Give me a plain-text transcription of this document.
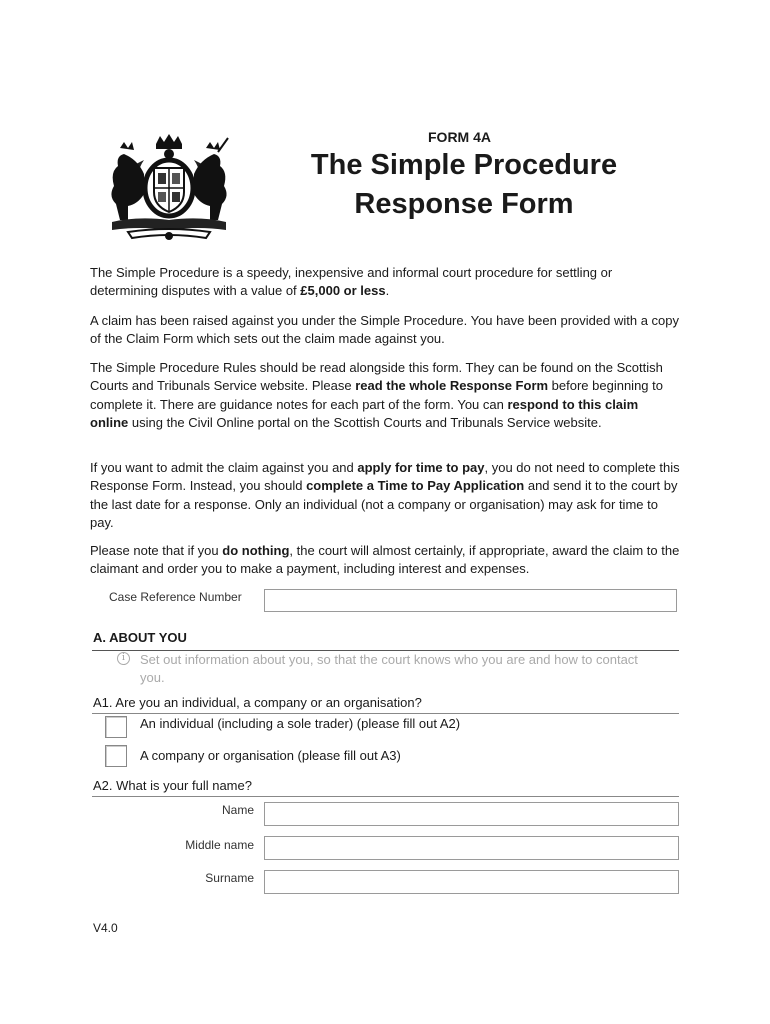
FORM 4A
The Simple Procedure
Response Form

The Simple Procedure is a speedy, inexpensive and informal court procedure for settling or determining disputes with a value of £5,000 or less.

A claim has been raised against you under the Simple Procedure. You have been provided with a copy of the Claim Form which sets out the claim made against you.

The Simple Procedure Rules should be read alongside this form. They can be found on the Scottish Courts and Tribunals Service website. Please read the whole Response Form before beginning to complete it. There are guidance notes for each part of the form. You can respond to this claim online using the Civil Online portal on the Scottish Courts and Tribunals Service website.

If you want to admit the claim against you and apply for time to pay, you do not need to complete this Response Form. Instead, you should complete a Time to Pay Application and send it to the court by the last date for a response. Only an individual (not a company or organisation) may ask for time to pay.

Please note that if you do nothing, the court will almost certainly, if appropriate, award the claim to the claimant and order you to make a payment, including interest and expenses.

Case Reference Number
A. ABOUT YOU
i	Set out information about you, so that the court knows who you are and how to contact you.
A1. Are you an individual, a company or an organisation?
An individual (including a sole trader) (please fill out A2)
A company or organisation (please fill out A3)
A2. What is your full name?
Name
Middle name
Surname
V4.0
